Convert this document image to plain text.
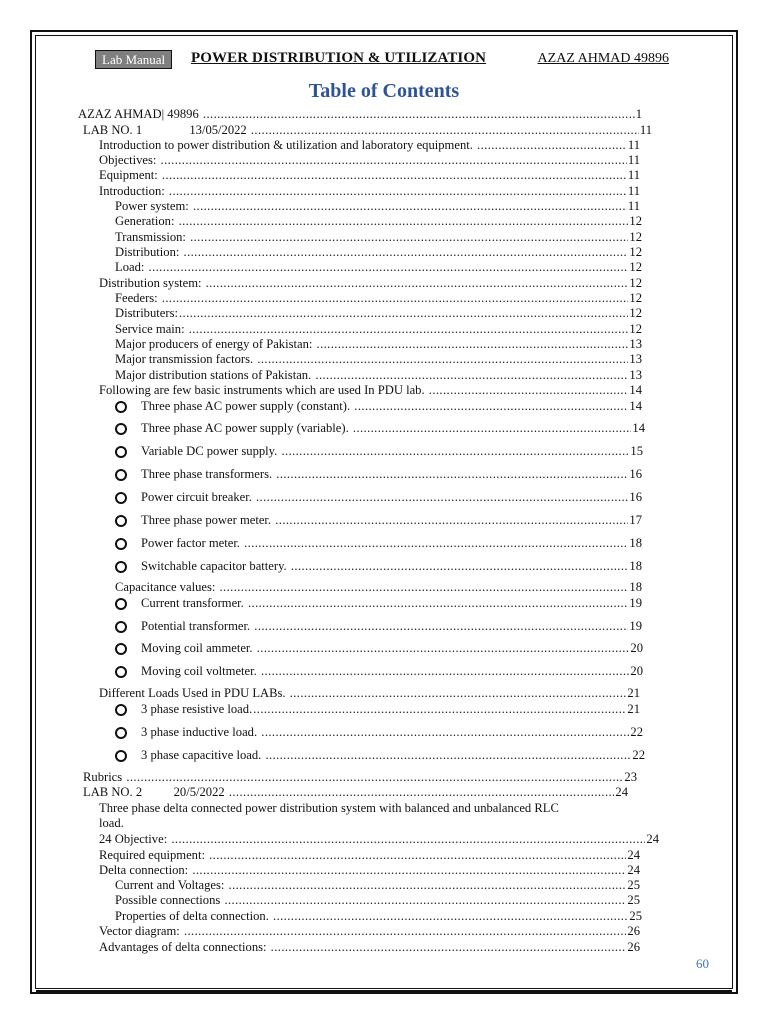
Lab Manual	POWER DISTRIBUTION & UTILIZATION	AZAZ AHMAD 49896
Table of Contents
AZAZ AHMAD| 49896 .....	1
LAB NO. 1               13/05/2022 .....	11
Introduction to power distribution & utilization and laboratory equipment. .....	11
Objectives: .....	11
Equipment: .....	11
Introduction: .....	11
Power system: .....	11
Generation: .....	12
Transmission: .....	12
Distribution: .....	12
Load: .....	12
Distribution system: .....	12
Feeders: .....	12
Distributers: .....	12
Service main: .....	12
Major producers of energy of Pakistan: .....	13
Major transmission factors. .....	13
Major distribution stations of Pakistan. .....	13
Following are few basic instruments which are used In PDU lab. .....	14
Three phase AC power supply (constant). .....	14
Three phase AC power supply (variable). .....	14
Variable DC power supply. .....	15
Three phase transformers. .....	16
Power circuit breaker. .....	16
Three phase power meter. .....	17
Power factor meter. .....	18
Switchable capacitor battery. .....	18
Capacitance values: .....	18
Current transformer. .....	19
Potential transformer. .....	19
Moving coil ammeter. .....	20
Moving coil voltmeter. .....	20
Different Loads Used in PDU LABs. .....	21
3 phase resistive load. .....	21
3 phase inductive load. .....	22
3 phase capacitive load. .....	22
Rubrics .....	23
LAB NO. 2          20/5/2022 .....	24
Three phase delta connected power distribution system with balanced and unbalanced RLC
load.
24 Objective: .....	24
Required equipment: .....	24
Delta connection: .....	24
Current and Voltages: .....	25
Possible connections .....	25
Properties of delta connection. .....	25
Vector diagram: .....	26
Advantages of delta connections: .....	26
60
